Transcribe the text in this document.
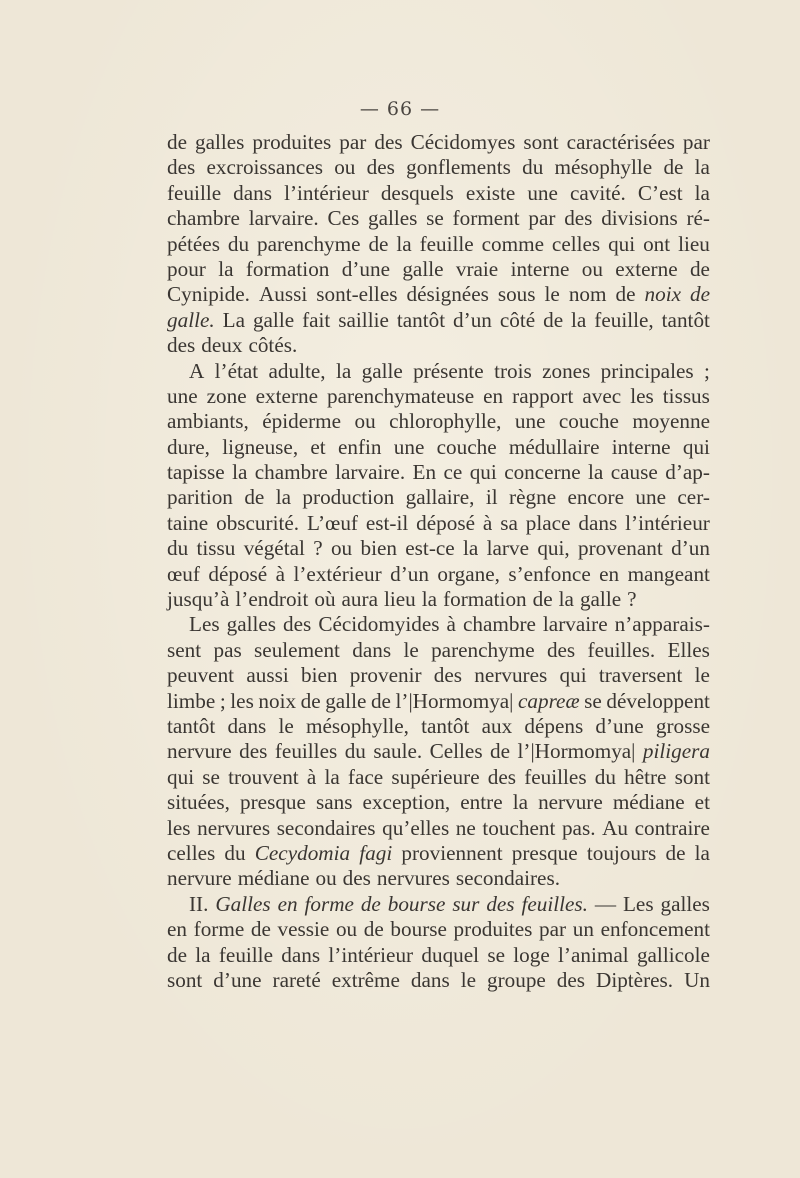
— 66 —
de galles produites par des Cécidomyes sont caractérisées par
des excroissances ou des gonflements du mésophylle de la
feuille dans l’intérieur desquels existe une cavité. C’est la
chambre larvaire. Ces galles se forment par des divisions ré-
pétées du parenchyme de la feuille comme celles qui ont lieu
pour la formation d’une galle vraie interne ou externe de
Cynipide. Aussi sont-elles désignées sous le nom de noix de
galle. La galle fait saillie tantôt d’un côté de la feuille, tantôt
des deux côtés.
A l’état adulte, la galle présente trois zones principales ;
une zone externe parenchymateuse en rapport avec les tissus
ambiants, épiderme ou chlorophylle, une couche moyenne
dure, ligneuse, et enfin une couche médullaire interne qui
tapisse la chambre larvaire. En ce qui concerne la cause d’ap-
parition de la production gallaire, il règne encore une cer-
taine obscurité. L’œuf est-il déposé à sa place dans l’intérieur
du tissu végétal ? ou bien est-ce la larve qui, provenant d’un
œuf déposé à l’extérieur d’un organe, s’enfonce en mangeant
jusqu’à l’endroit où aura lieu la formation de la galle ?
Les galles des Cécidomyides à chambre larvaire n’apparais-
sent pas seulement dans le parenchyme des feuilles. Elles
peuvent aussi bien provenir des nervures qui traversent le
limbe ; les noix de galle de l’|Hormomya| capreæ se développent
tantôt dans le mésophylle, tantôt aux dépens d’une grosse
nervure des feuilles du saule. Celles de l’|Hormomya| piligera
qui se trouvent à la face supérieure des feuilles du hêtre sont
situées, presque sans exception, entre la nervure médiane et
les nervures secondaires qu’elles ne touchent pas. Au contraire
celles du Cecydomia fagi proviennent presque toujours de la
nervure médiane ou des nervures secondaires.
II. Galles en forme de bourse sur des feuilles. — Les galles
en forme de vessie ou de bourse produites par un enfoncement
de la feuille dans l’intérieur duquel se loge l’animal gallicole
sont d’une rareté extrême dans le groupe des Diptères. Un
